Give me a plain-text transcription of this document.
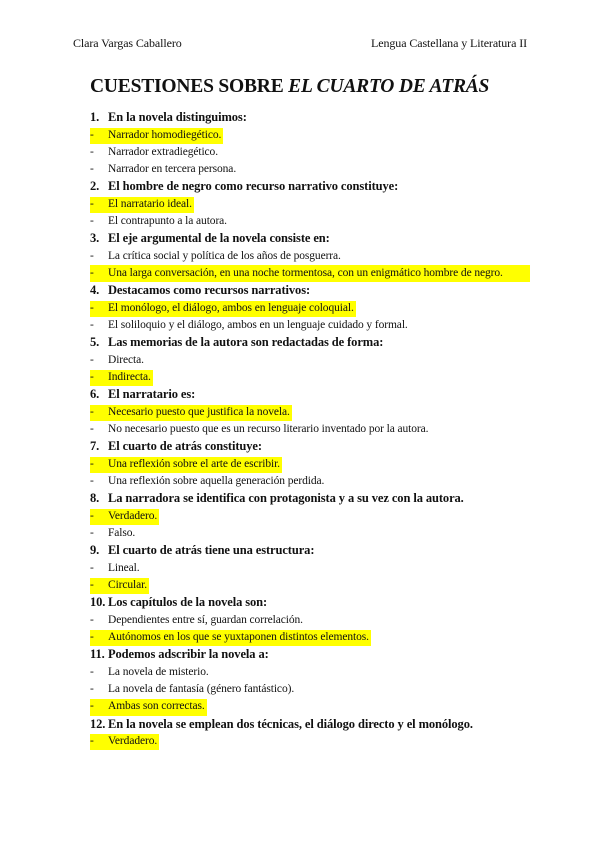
Clara Vargas Caballero	Lengua Castellana y Literatura II
CUESTIONES SOBRE EL CUARTO DE ATRÁS
1. En la novela distinguimos:
-	Narrador homodiegético.
-	Narrador extradiegético.
-	Narrador en tercera persona.
2. El hombre de negro como recurso narrativo constituye:
-	El narratario ideal.
-	El contrapunto a la autora.
3. El eje argumental de la novela consiste en:
-	La crítica social y política de los años de posguerra.
-	Una larga conversación, en una noche tormentosa, con un enigmático hombre de negro.
4. Destacamos como recursos narrativos:
-	El monólogo, el diálogo, ambos en lenguaje coloquial.
-	El soliloquio y el diálogo, ambos en un lenguaje cuidado y formal.
5. Las memorias de la autora son redactadas de forma:
-	Directa.
-	Indirecta.
6. El narratario es:
-	Necesario puesto que justifica la novela.
-	No necesario puesto que es un recurso literario inventado por la autora.
7. El cuarto de atrás constituye:
-	Una reflexión sobre el arte de escribir.
-	Una reflexión sobre aquella generación perdida.
8. La narradora se identifica con protagonista y a su vez con la autora.
-	Verdadero.
-	Falso.
9. El cuarto de atrás tiene una estructura:
-	Lineal.
-	Circular.
10. Los capítulos de la novela son:
-	Dependientes entre sí, guardan correlación.
-	Autónomos en los que se yuxtaponen distintos elementos.
11. Podemos adscribir la novela a:
-	La novela de misterio.
-	La novela de fantasía (género fantástico).
-	Ambas son correctas.
12. En la novela se emplean dos técnicas, el diálogo directo y el monólogo.
-	Verdadero.
